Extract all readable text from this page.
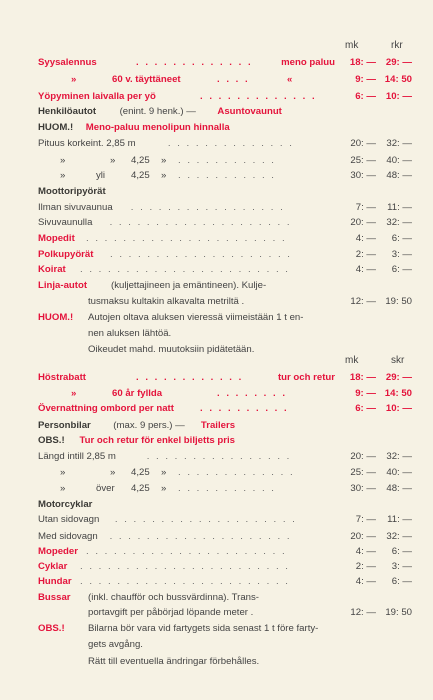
mk	rkr
mk	skr
Syysalennus	. . . . . . . . . . . . .	meno paluu	18: —	29: —
»	60 v. täyttäneet	. . . .	«	9: — 14: 50
Yöpyminen laivalla per yö	. . . . . . . . . . . . .	6: —	10: —
Henkilöautot (enint. 9 henk.) — Asuntovaunut
HUOM.! Meno-paluu menolipun hinnalla
Pituus korkeint. 2,85 m	. . . . . . . . . . . . . .	20: —	32: —
»	» 4,25 » . . . . . . . . . . .	25: —	40: —
»	yli	4,25 » . . . . . . . . . . .	30: —	48: —
Moottoripyörät
Ilman sivuvaunua . . . . . . . . . . . . . . . . .	7: —	11: —
Sivuvaunulla . . . . . . . . . . . . . . . . . . . .	20: —	32: —
Mopedit . . . . . . . . . . . . . . . . . . . . . .	4: —	6: —
Polkupyörät . . . . . . . . . . . . . . . . . . . .	2: —	3: —
Koirat . . . . . . . . . . . . . . . . . . . . . . .	4: —	6: —
Linja-autot (kuljettajineen ja emäntineen). Kulje-
tusmaksu kultakin alkavalta metriltä .	12: — 19: 50
HUOM.! Autojen oltava aluksen vieressä viimeistään 1 t en-
nen aluksen lähtöä.
Oikeudet mahd. muutoksiin pidätetään.
Höstrabatt	. . . . . . . . . . . .	tur och retur	18: —	29: —
»	60 år fyllda	. . . . . . . .	9: — 14: 50
Övernattning ombord per natt	. . . . . . . . . .	6: —	10: —
Personbilar (max. 9 pers.) — Trailers
OBS.! Tur och retur för enkel biljetts pris
Längd intill 2,85 m	. . . . . . . . . . . . . . . .	20: —	32: —
»	» 4,25 » . . . . . . . . . . . . .	25: —	40: —
»	över 4,25 » . . . . . . . . . . .	30: —	48: —
Motorcyklar
Utan sidovagn . . . . . . . . . . . . . . . . . . . .	7: —	11: —
Med sidovagn . . . . . . . . . . . . . . . . . . . .	20: —	32: —
Mopeder . . . . . . . . . . . . . . . . . . . . . .	4: —	6: —
Cyklar . . . . . . . . . . . . . . . . . . . . . . .	2: —	3: —
Hundar . . . . . . . . . . . . . . . . . . . . . . .	4: —	6: —
Bussar (inkl. chaufför och bussvärdinna). Trans-
portavgift per påbörjad löpande meter .	12: — 19: 50
OBS.! Bilarna bör vara vid fartygets sida senast 1 t före farty-
gets avgång.
Rätt till eventuella ändringar förbehålles.
